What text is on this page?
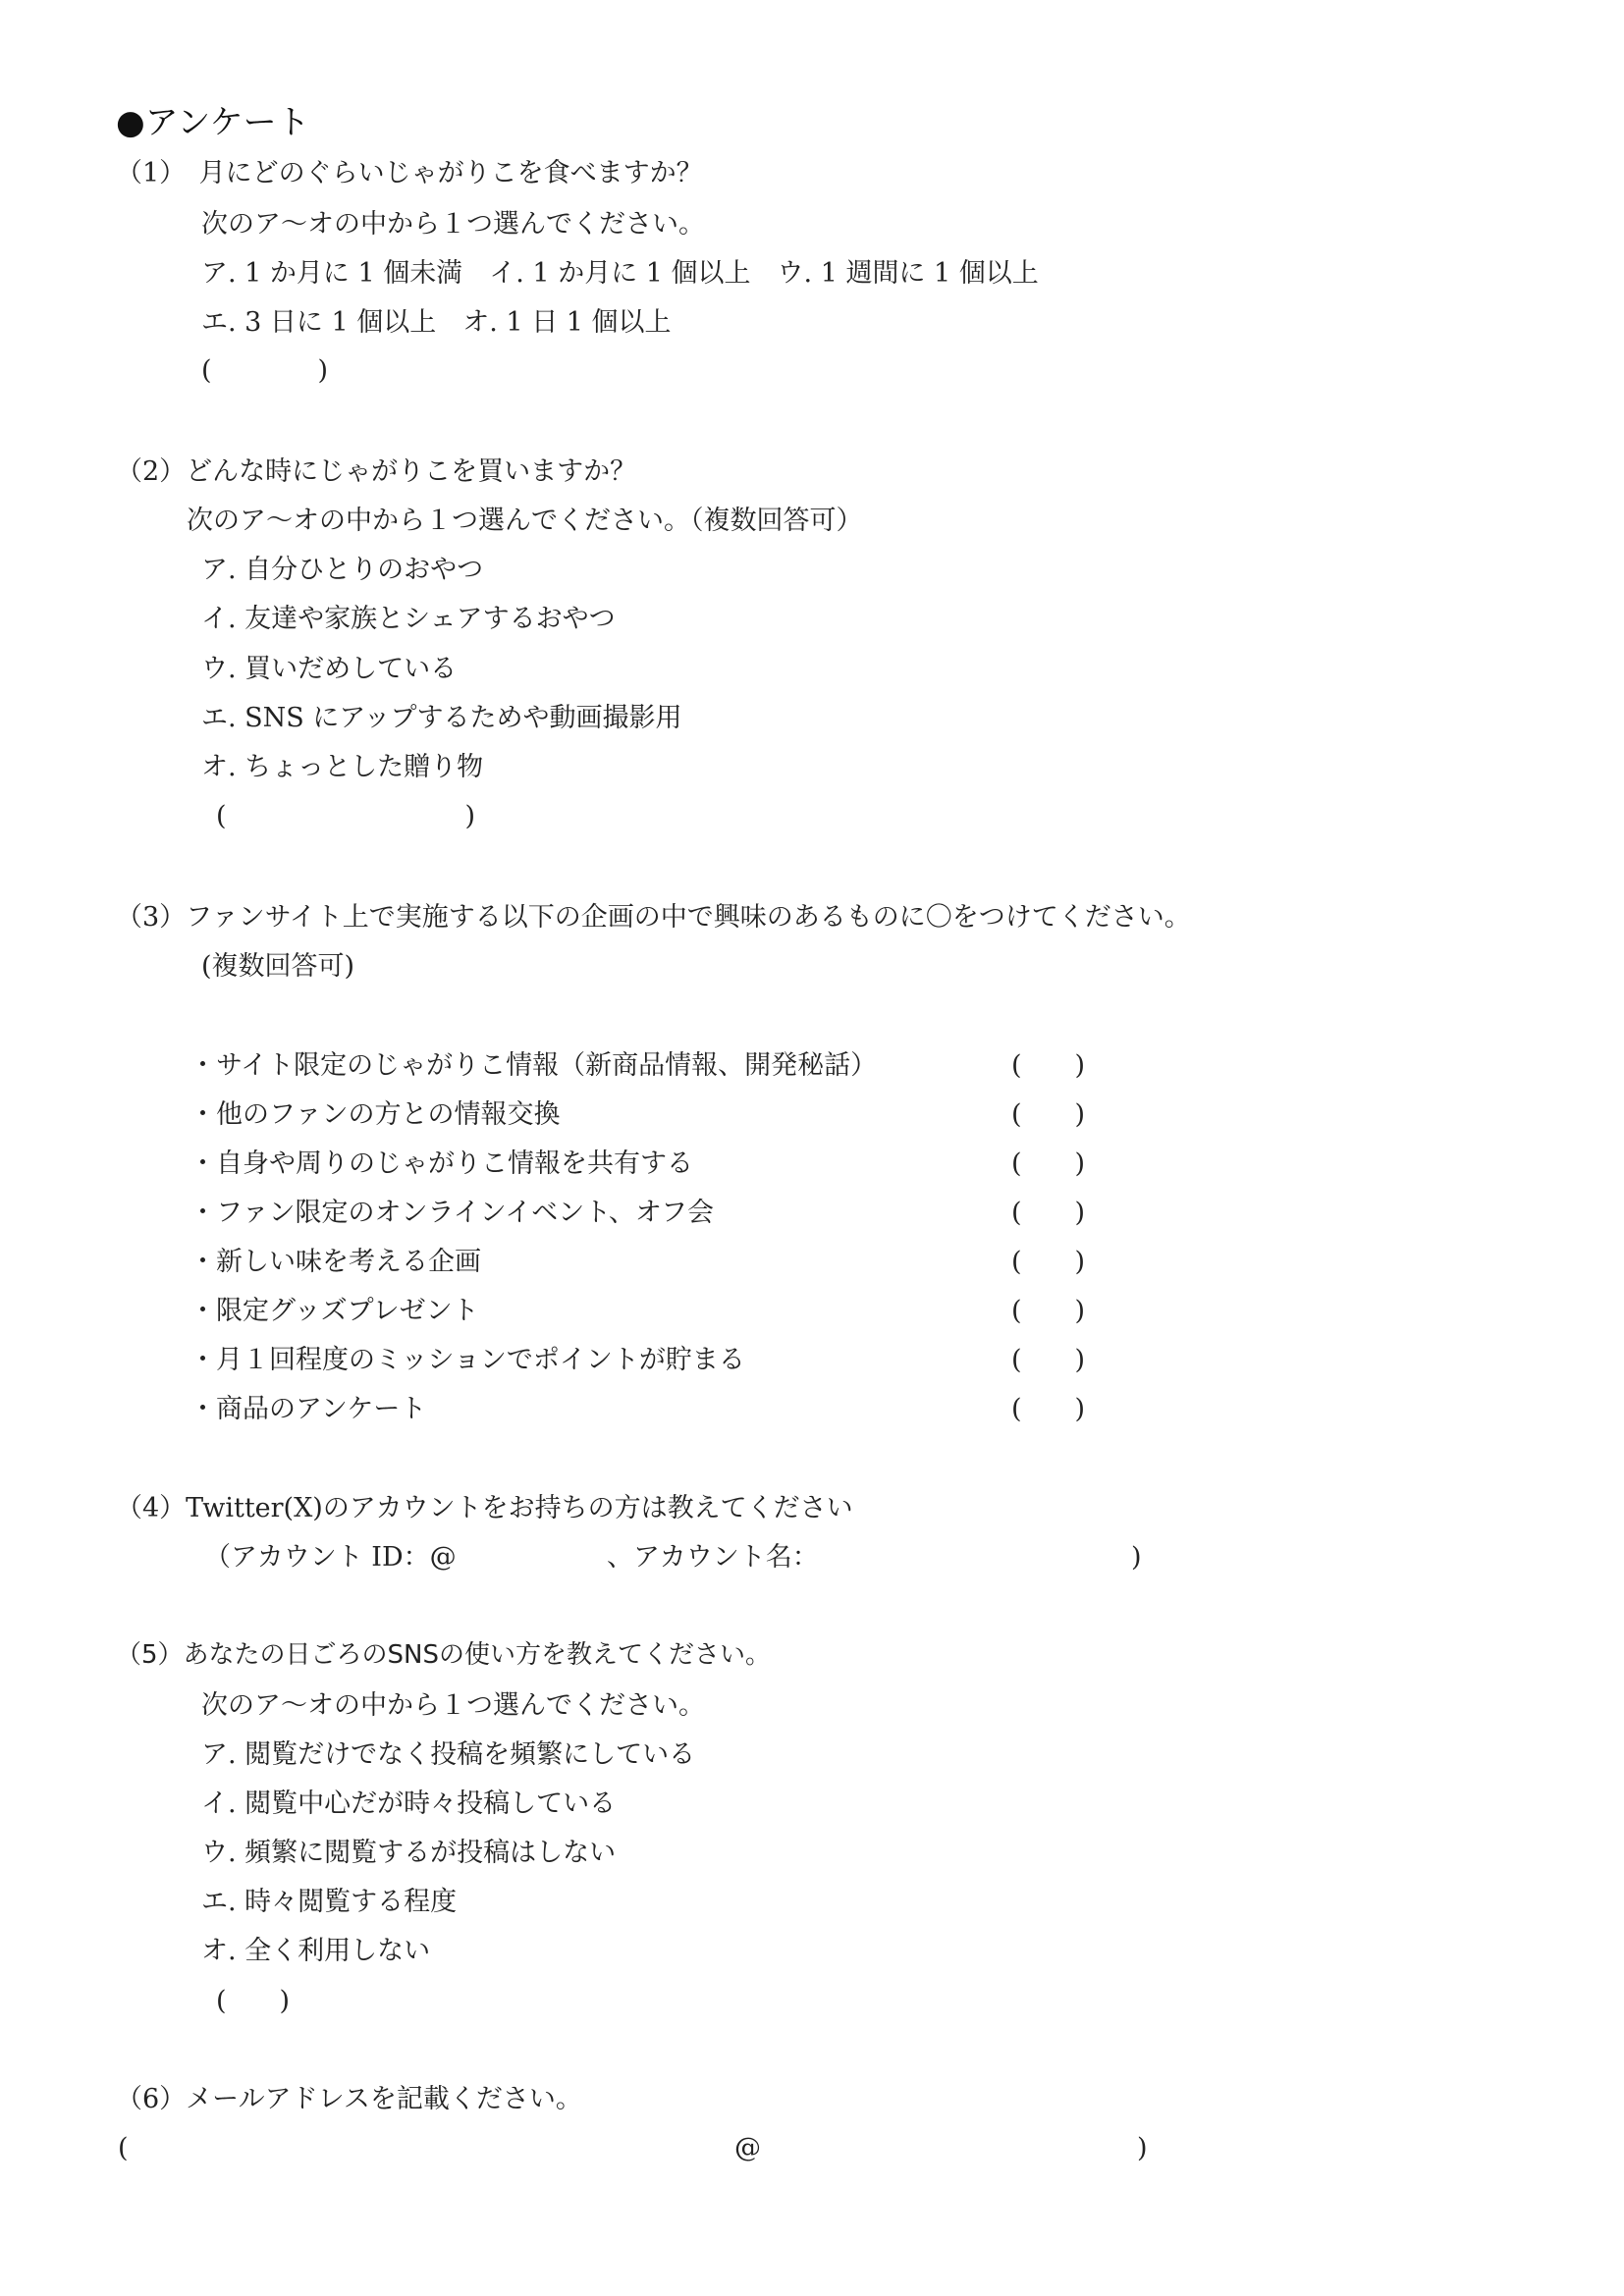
●アンケート
（1）　月にどのぐらいじゃがりこを食べますか？
次のア～オの中から１つ選んでください。
ア. 1 か月に 1 個未満　イ. 1 か月に 1 個以上　ウ. 1 週間に 1 個以上
エ. 3 日に 1 個以上　オ. 1 日 1 個以上
(　　　　)
（2）どんな時にじゃがりこを買いますか？
次のア～オの中から１つ選んでください。（複数回答可）
ア. 自分ひとりのおやつ
イ. 友達や家族とシェアするおやつ
ウ. 買いだめしている
エ. SNS にアップするためや動画撮影用
オ. ちょっとした贈り物
(　　　　　　　　　)
（3）ファンサイト上で実施する以下の企画の中で興味のあるものに〇をつけてください。
(複数回答可)
・サイト限定のじゃがりこ情報（新商品情報、開発秘話）	(　　)
・他のファンの方との情報交換	(　　)
・自身や周りのじゃがりこ情報を共有する	(　　)
・ファン限定のオンラインイベント、オフ会	(　　)
・新しい味を考える企画	(　　)
・限定グッズプレゼント	(　　)
・月１回程度のミッションでポイントが貯まる	(　　)
・商品のアンケート	(　　)
（4）Twitter(X)のアカウントをお持ちの方は教えてください
（アカウント ID：@	、アカウント名：	)
（5）あなたの日ごろのSNSの使い方を教えてください。
次のア～オの中から１つ選んでください。
ア. 閲覧だけでなく投稿を頻繁にしている
イ. 閲覧中心だが時々投稿している
ウ. 頻繁に閲覧するが投稿はしない
エ. 時々閲覧する程度
オ. 全く利用しない
(　　)
（6）メールアドレスを記載ください。
(	@	)
